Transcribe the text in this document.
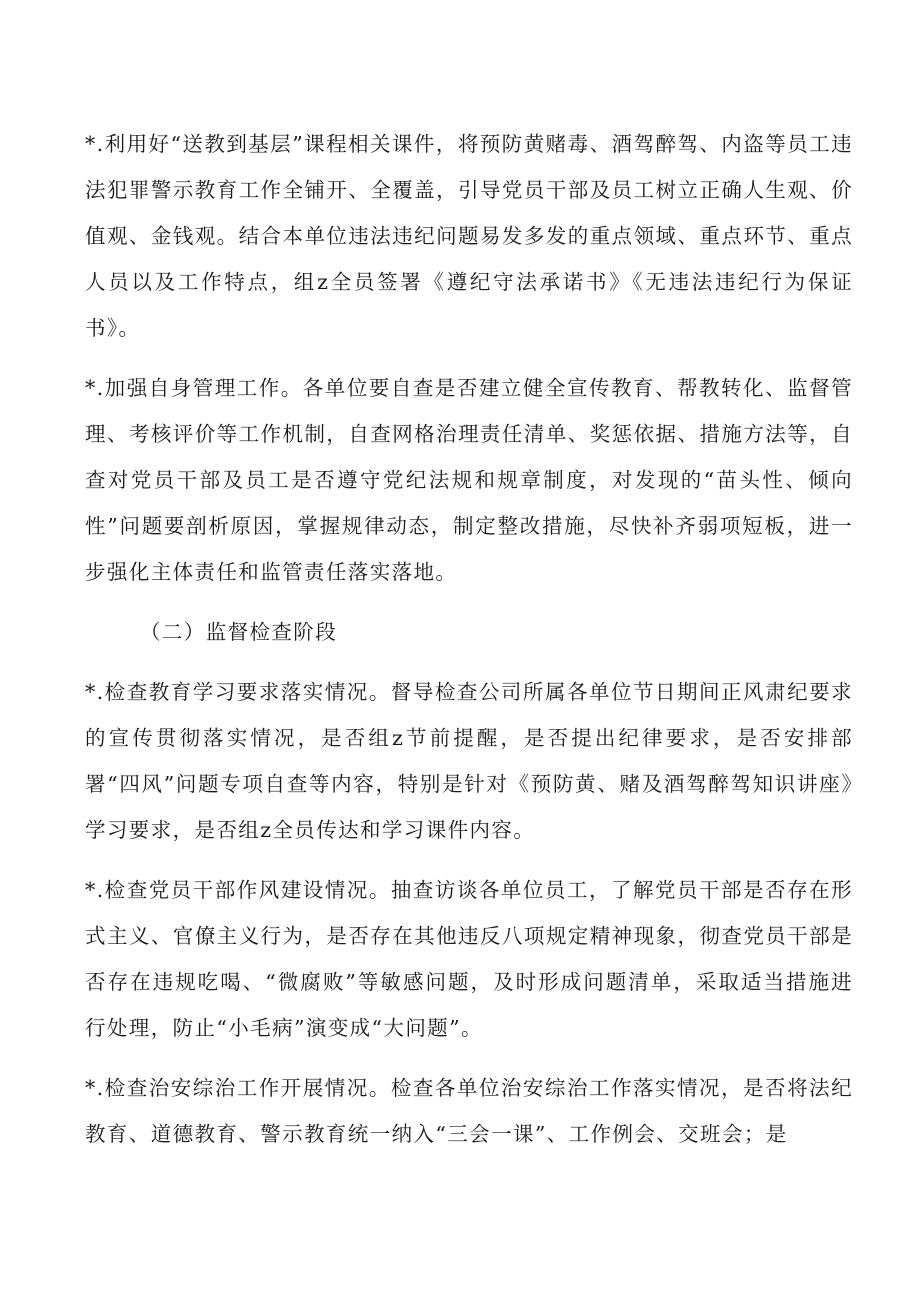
*.利用好“送教到基层”课程相关课件，将预防黄赌毒、酒驾醉驾、内盗等员工违法犯罪警示教育工作全铺开、全覆盖，引导党员干部及员工树立正确人生观、价值观、金钱观。结合本单位违法违纪问题易发多发的重点领域、重点环节、重点人员以及工作特点，组z全员签署《遵纪守法承诺书》《无违法违纪行为保证书》。

*.加强自身管理工作。各单位要自查是否建立健全宣传教育、帮教转化、监督管理、考核评价等工作机制，自查网格治理责任清单、奖惩依据、措施方法等，自查对党员干部及员工是否遵守党纪法规和规章制度，对发现的“苗头性、倾向性”问题要剖析原因，掌握规律动态，制定整改措施，尽快补齐弱项短板，进一步强化主体责任和监管责任落实落地。

（二）监督检查阶段

*.检查教育学习要求落实情况。督导检查公司所属各单位节日期间正风肃纪要求的宣传贯彻落实情况，是否组z节前提醒，是否提出纪律要求，是否安排部署“四风”问题专项自查等内容，特别是针对《预防黄、赌及酒驾醉驾知识讲座》学习要求，是否组z全员传达和学习课件内容。

*.检查党员干部作风建设情况。抽查访谈各单位员工，了解党员干部是否存在形式主义、官僚主义行为，是否存在其他违反八项规定精神现象，彻查党员干部是否存在违规吃喝、“微腐败”等敏感问题，及时形成问题清单，采取适当措施进行处理，防止“小毛病”演变成“大问题”。

*.检查治安综治工作开展情况。检查各单位治安综治工作落实情况，是否将法纪教育、道德教育、警示教育统一纳入“三会一课”、工作例会、交班会；是
